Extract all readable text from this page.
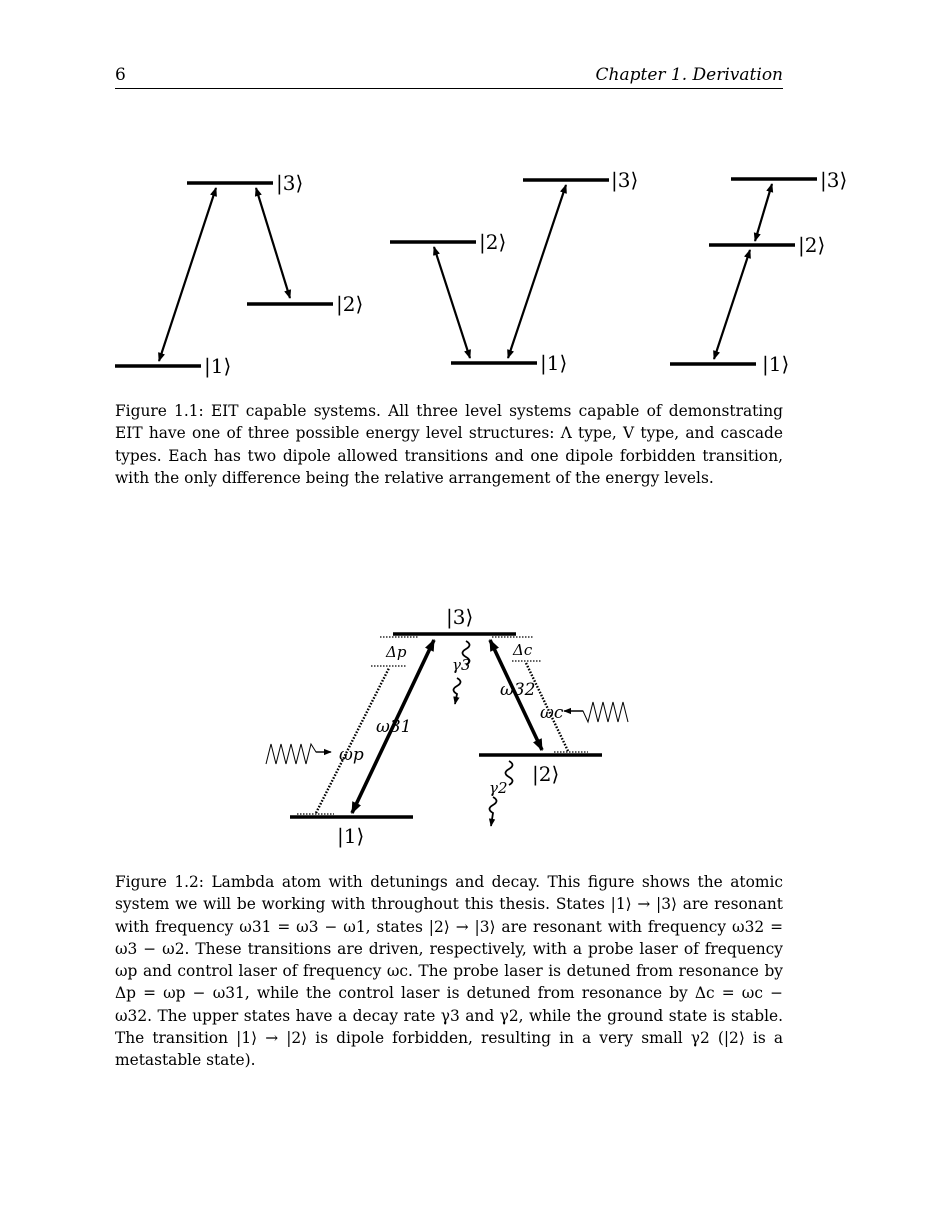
6	Chapter 1. Derivation
|3⟩
|2⟩
|1⟩
|3⟩
|2⟩
|1⟩
|3⟩
|2⟩
|1⟩
|3⟩
|2⟩
|1⟩
Δp	Δc
γ3
γ2
ω31
ω32
ωp
ωc

Figure 1.1: EIT capable systems. All three level systems capable of demonstrating EIT have one of three possible energy level structures: Λ type, V type, and cascade types. Each has two dipole allowed transitions and one dipole forbidden transition, with the only difference being the relative arrangement of the energy levels.

Figure 1.2: Lambda atom with detunings and decay. This figure shows the atomic system we will be working with throughout this thesis. States |1⟩ → |3⟩ are resonant with frequency ω31 = ω3 − ω1, states |2⟩ → |3⟩ are resonant with frequency ω32 = ω3 − ω2. These transitions are driven, respectively, with a probe laser of frequency ωp and control laser of frequency ωc. The probe laser is detuned from resonance by Δp = ωp − ω31, while the control laser is detuned from resonance by Δc = ωc − ω32. The upper states have a decay rate γ3 and γ2, while the ground state is stable. The transition |1⟩ → |2⟩ is dipole forbidden, resulting in a very small γ2 (|2⟩ is a metastable state).
